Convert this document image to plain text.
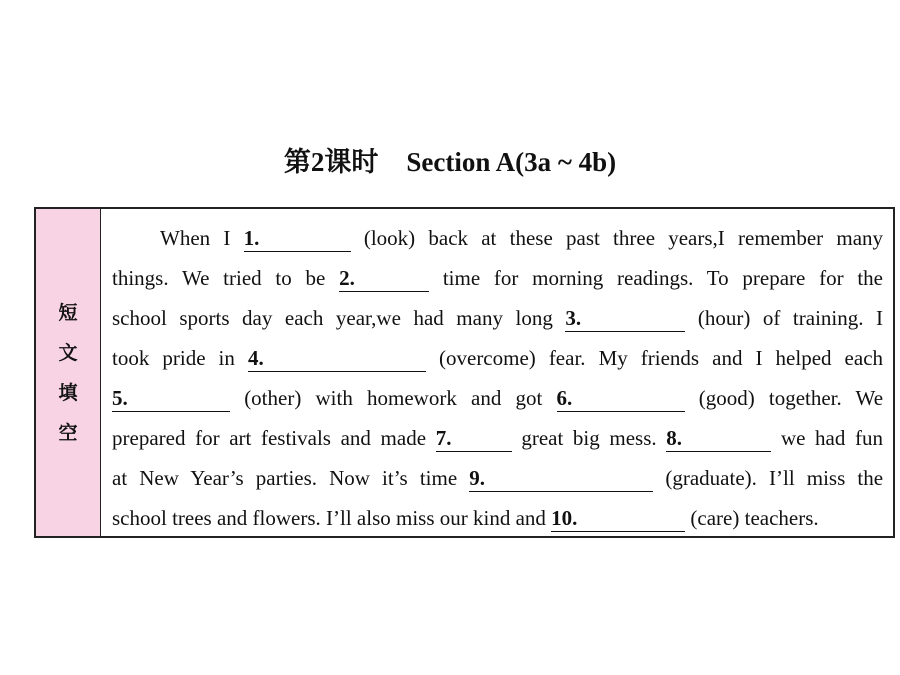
第2课时 Section A(3a ~ 4b)
短
文
填
空
When I 1.	(look) back at these past three years,I remember many
things. We tried to be 2.	time for morning readings. To prepare for the
school sports day each year,we had many long 3.	(hour) of training. I
took pride in 4.	(overcome) fear. My friends and I helped each
5.	(other) with homework and got 6.	(good) together. We
prepared for art festivals and made 7.	great big mess. 8.	we had fun
at New Year’s parties. Now it’s time 9.	(graduate). I’ll miss the
school trees and flowers. I’ll also miss our kind and 10.	(care) teachers.
